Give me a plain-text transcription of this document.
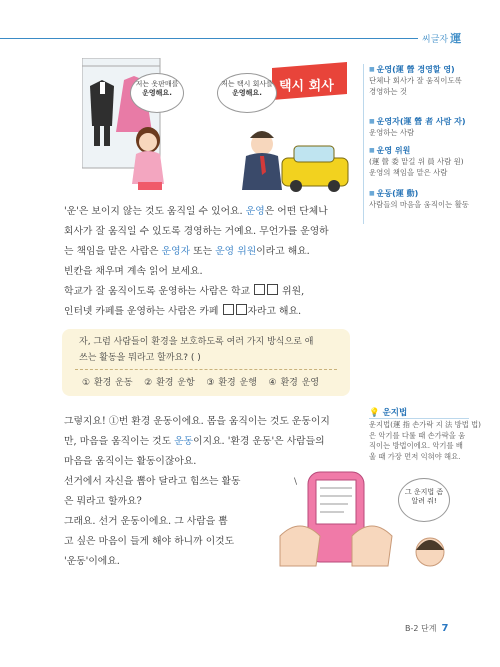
씨글자 運
택시 회사
저는 옷판매를
운영해요.
저는 택시 회사를
운영해요.
■ 운영(運 營 경영할 영)
단체나 회사가 잘 움직이도록
경영하는 것
■ 운영자(運 營 者 사람 자)
운영하는 사람
■ 운영 위원
(運 營 委 맡길 위 員 사람 원)
운영의 책임을 맡은 사람
■ 운동(運 動)
사람들의 마음을 움직이는 활동
'운'은 보이지 않는 것도 움직일 수 있어요. 운영은 어떤 단체나
회사가 잘 움직일 수 있도록 경영하는 거예요. 무언가를 운영하
는 책임을 맡은 사람은 운영자 또는 운영 위원이라고 해요.
빈칸을 채우며 계속 읽어 보세요.
학교가 잘 움직이도록 운영하는 사람은 학교	위원,
인터넷 카페를 운영하는 사람은 카페	자라고 해요.
자, 그럼 사람들이 환경을 보호하도록 여러 가지 방식으로 애
쓰는 활동을 뭐라고 할까요? ( )
① 환경 운동 ② 환경 운항 ③ 환경 운행 ④ 환경 운영
그렇지요! ①번 환경 운동이에요. 몸을 움직이는 것도 운동이지
만, 마음을 움직이는 것도 운동이지요. '환경 운동'은 사람들의
마음을 움직이는 활동이잖아요.
선거에서 자신을 뽑아 달라고 힘쓰는 활동
은 뭐라고 할까요?
그래요. 선거 운동이에요. 그 사람을 뽑
고 싶은 마음이 들게 해야 하니까 이것도
'운동'이에요.
💡 운지법
운지법(運 指 손가락 지 法 방법 법)
은 악기를 다룰 때 손가락을 움
직이는 방법이에요. 악기를 배
울 때 가장 먼저 익혀야 해요.
\
그 운지법 좀
알려 줘!
B-2 단계 7
